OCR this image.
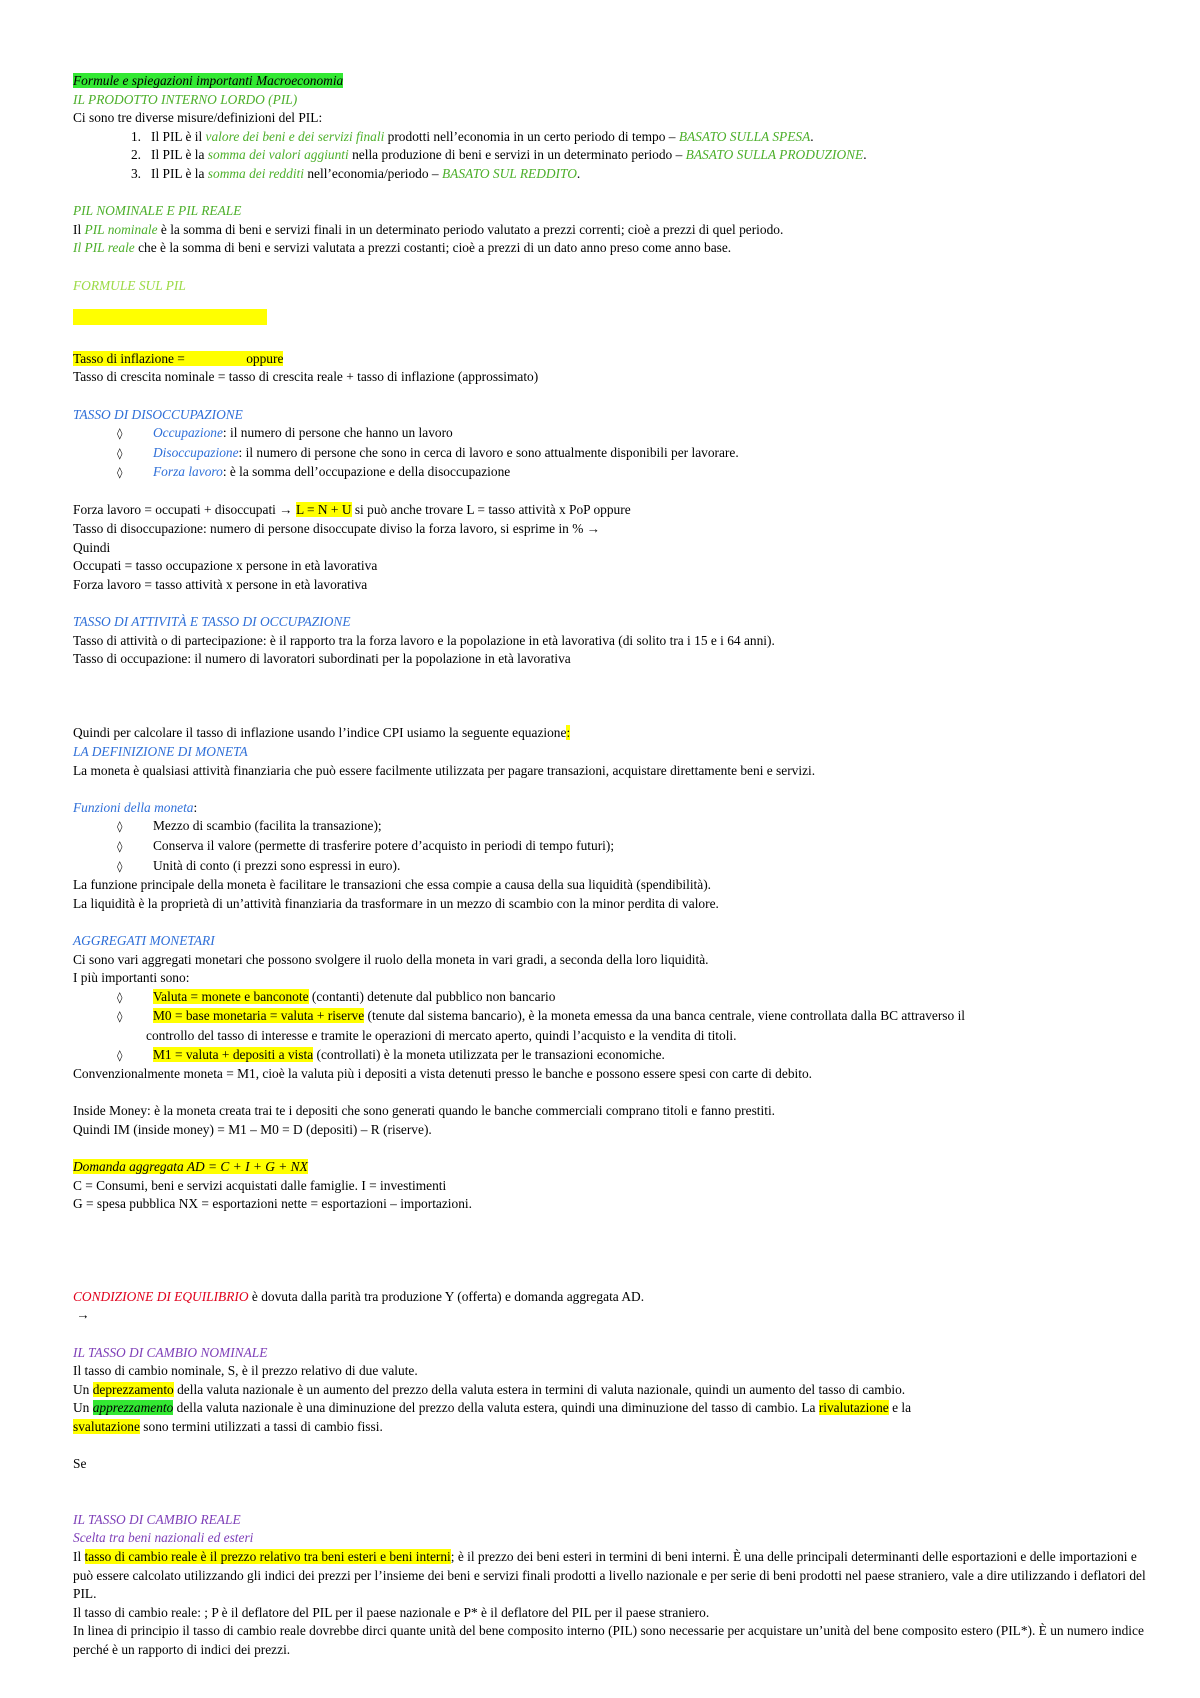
Formule e spiegazioni importanti Macroeconomia
IL PRODOTTO INTERNO LORDO (PIL)
Ci sono tre diverse misure/definizioni del PIL:
1. Il PIL è il valore dei beni e dei servizi finali prodotti nell’economia in un certo periodo di tempo – BASATO SULLA SPESA.
2. Il PIL è la somma dei valori aggiunti nella produzione di beni e servizi in un determinato periodo – BASATO SULLA PRODUZIONE.
3. Il PIL è la somma dei redditi nell’economia/periodo – BASATO SUL REDDITO.
PIL NOMINALE E PIL REALE
Il PIL nominale è la somma di beni e servizi finali in un determinato periodo valutato a prezzi correnti; cioè a prezzi di quel periodo.
Il PIL reale che è la somma di beni e servizi valutata a prezzi costanti; cioè a prezzi di un dato anno preso come anno base.
FORMULE SUL PIL
Tasso di inflazione =	oppure
Tasso di crescita nominale = tasso di crescita reale + tasso di inflazione (approssimato)
TASSO DI DISOCCUPAZIONE
◊ Occupazione: il numero di persone che hanno un lavoro
◊ Disoccupazione: il numero di persone che sono in cerca di lavoro e sono attualmente disponibili per lavorare.
◊ Forza lavoro: è la somma dell’occupazione e della disoccupazione
Forza lavoro = occupati + disoccupati → L = N + U si può anche trovare L = tasso attività x PoP oppure
Tasso di disoccupazione: numero di persone disoccupate diviso la forza lavoro, si esprime in % →
Quindi
Occupati = tasso occupazione x persone in età lavorativa
Forza lavoro = tasso attività x persone in età lavorativa
TASSO DI ATTIVITÀ E TASSO DI OCCUPAZIONE
Tasso di attività o di partecipazione: è il rapporto tra la forza lavoro e la popolazione in età lavorativa (di solito tra i 15 e i 64 anni).
Tasso di occupazione: il numero di lavoratori subordinati per la popolazione in età lavorativa
Quindi per calcolare il tasso di inflazione usando l’indice CPI usiamo la seguente equazione:
LA DEFINIZIONE DI MONETA
La moneta è qualsiasi attività finanziaria che può essere facilmente utilizzata per pagare transazioni, acquistare direttamente beni e servizi.
Funzioni della moneta:
◊ Mezzo di scambio (facilita la transazione);
◊ Conserva il valore (permette di trasferire potere d’acquisto in periodi di tempo futuri);
◊ Unità di conto (i prezzi sono espressi in euro).
La funzione principale della moneta è facilitare le transazioni che essa compie a causa della sua liquidità (spendibilità).
La liquidità è la proprietà di un’attività finanziaria da trasformare in un mezzo di scambio con la minor perdita di valore.
AGGREGATI MONETARI
Ci sono vari aggregati monetari che possono svolgere il ruolo della moneta in vari gradi, a seconda della loro liquidità.
I più importanti sono:
◊ Valuta = monete e banconote (contanti) detenute dal pubblico non bancario
◊ M0 = base monetaria = valuta + riserve (tenute dal sistema bancario), è la moneta emessa da una banca centrale, viene controllata dalla BC attraverso il
controllo del tasso di interesse e tramite le operazioni di mercato aperto, quindi l’acquisto e la vendita di titoli.
◊ M1 = valuta + depositi a vista (controllati) è la moneta utilizzata per le transazioni economiche.
Convenzionalmente moneta = M1, cioè la valuta più i depositi a vista detenuti presso le banche e possono essere spesi con carte di debito.
Inside Money: è la moneta creata trai te i depositi che sono generati quando le banche commerciali comprano titoli e fanno prestiti.
Quindi IM (inside money) = M1 – M0 = D (depositi) – R (riserve).
Domanda aggregata AD = C + I + G + NX
C = Consumi, beni e servizi acquistati dalle famiglie. I = investimenti
G = spesa pubblica NX = esportazioni nette = esportazioni – importazioni.
CONDIZIONE DI EQUILIBRIO è dovuta dalla parità tra produzione Y (offerta) e domanda aggregata AD.
→
IL TASSO DI CAMBIO NOMINALE
Il tasso di cambio nominale, S, è il prezzo relativo di due valute.
Un deprezzamento della valuta nazionale è un aumento del prezzo della valuta estera in termini di valuta nazionale, quindi un aumento del tasso di cambio.
Un apprezzamento della valuta nazionale è una diminuzione del prezzo della valuta estera, quindi una diminuzione del tasso di cambio. La rivalutazione e la
svalutazione sono termini utilizzati a tassi di cambio fissi.
Se
IL TASSO DI CAMBIO REALE
Scelta tra beni nazionali ed esteri
Il tasso di cambio reale è il prezzo relativo tra beni esteri e beni interni; è il prezzo dei beni esteri in termini di beni interni. È una delle principali determinanti delle esportazioni e delle importazioni e può essere calcolato utilizzando gli indici dei prezzi per l’insieme dei beni e servizi finali prodotti a livello nazionale e per serie di beni prodotti nel paese straniero, vale a dire utilizzando i deflatori del PIL.
Il tasso di cambio reale: ; P è il deflatore del PIL per il paese nazionale e P* è il deflatore del PIL per il paese straniero.
In linea di principio il tasso di cambio reale dovrebbe dirci quante unità del bene composito interno (PIL) sono necessarie per acquistare un’unità del bene composito estero (PIL*). È un numero indice perché è un rapporto di indici dei prezzi.
